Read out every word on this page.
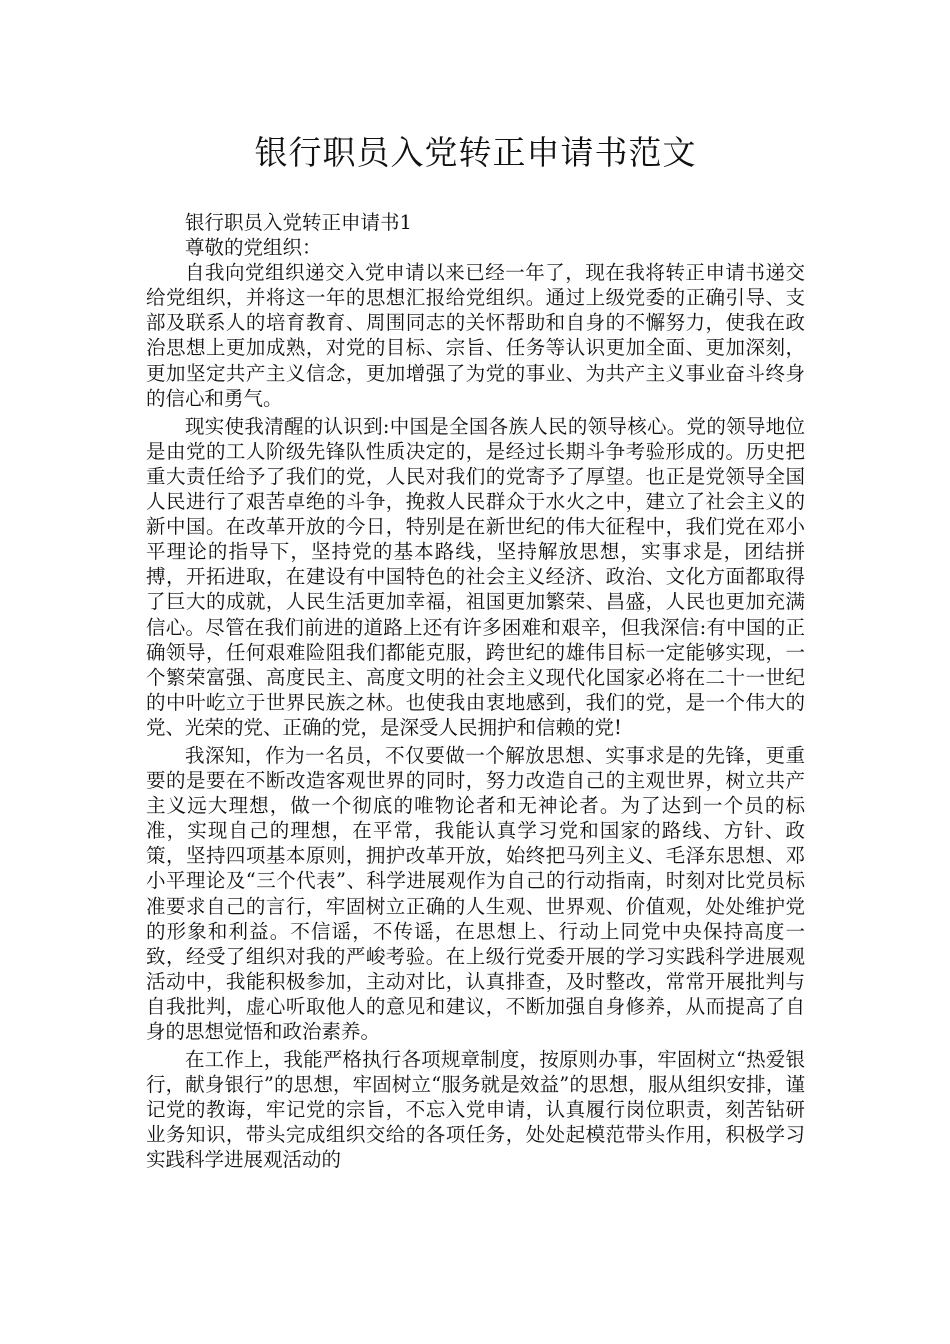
银行职员入党转正申请书范文

银行职员入党转正申请书1

尊敬的党组织：

自我向党组织递交入党申请以来已经一年了，现在我将转正申请书递交给党组织，并将这一年的思想汇报给党组织。通过上级党委的正确引导、支部及联系人的培育教育、周围同志的关怀帮助和自身的不懈努力，使我在政治思想上更加成熟，对党的目标、宗旨、任务等认识更加全面、更加深刻，更加坚定共产主义信念，更加增强了为党的事业、为共产主义事业奋斗终身的信心和勇气。

现实使我清醒的认识到:中国是全国各族人民的领导核心。党的领导地位是由党的工人阶级先锋队性质决定的，是经过长期斗争考验形成的。历史把重大责任给予了我们的党，人民对我们的党寄予了厚望。也正是党领导全国人民进行了艰苦卓绝的斗争，挽救人民群众于水火之中，建立了社会主义的新中国。在改革开放的今日，特别是在新世纪的伟大征程中，我们党在邓小平理论的指导下，坚持党的基本路线，坚持解放思想，实事求是，团结拼搏，开拓进取，在建设有中国特色的社会主义经济、政治、文化方面都取得了巨大的成就，人民生活更加幸福，祖国更加繁荣、昌盛，人民也更加充满信心。尽管在我们前进的道路上还有许多困难和艰辛，但我深信:有中国的正确领导，任何艰难险阻我们都能克服，跨世纪的雄伟目标一定能够实现，一个繁荣富强、高度民主、高度文明的社会主义现代化国家必将在二十一世纪的中叶屹立于世界民族之林。也使我由衷地感到，我们的党，是一个伟大的党、光荣的党、正确的党，是深受人民拥护和信赖的党!

我深知，作为一名员，不仅要做一个解放思想、实事求是的先锋，更重要的是要在不断改造客观世界的同时，努力改造自己的主观世界，树立共产主义远大理想，做一个彻底的唯物论者和无神论者。为了达到一个员的标准，实现自己的理想，在平常，我能认真学习党和国家的路线、方针、政策，坚持四项基本原则，拥护改革开放，始终把马列主义、毛泽东思想、邓小平理论及“三个代表”、科学进展观作为自己的行动指南，时刻对比党员标准要求自己的言行，牢固树立正确的人生观、世界观、价值观，处处维护党的形象和利益。不信谣，不传谣，在思想上、行动上同党中央保持高度一致，经受了组织对我的严峻考验。在上级行党委开展的学习实践科学进展观活动中，我能积极参加，主动对比，认真排查，及时整改，常常开展批判与自我批判，虚心听取他人的意见和建议，不断加强自身修养，从而提高了自身的思想觉悟和政治素养。

在工作上，我能严格执行各项规章制度，按原则办事，牢固树立“热爱银行，献身银行”的思想，牢固树立“服务就是效益”的思想，服从组织安排，谨记党的教诲，牢记党的宗旨，不忘入党申请，认真履行岗位职责，刻苦钻研业务知识，带头完成组织交给的各项任务，处处起模范带头作用，积极学习实践科学进展观活动的
